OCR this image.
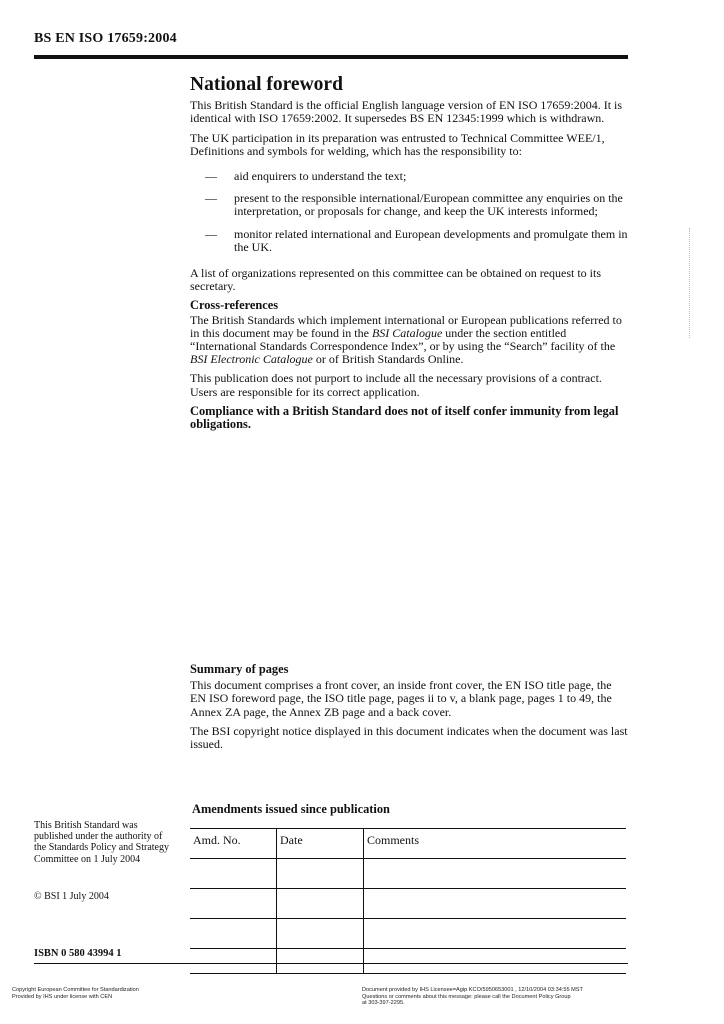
BS EN ISO 17659:2004
National foreword

This British Standard is the official English language version of EN ISO 17659:2004. It is identical with ISO 17659:2002. It supersedes BS EN 12345:1999 which is withdrawn.

The UK participation in its preparation was entrusted to Technical Committee WEE/1, Definitions and symbols for welding, which has the responsibility to:

— aid enquirers to understand the text;
— present to the responsible international/European committee any enquiries on the interpretation, or proposals for change, and keep the UK interests informed;
— monitor related international and European developments and promulgate them in the UK.

A list of organizations represented on this committee can be obtained on request to its secretary.

Cross-references

The British Standards which implement international or European publications referred to in this document may be found in the BSI Catalogue under the section entitled “International Standards Correspondence Index”, or by using the “Search” facility of the BSI Electronic Catalogue or of British Standards Online.

This publication does not purport to include all the necessary provisions of a contract. Users are responsible for its correct application.

Compliance with a British Standard does not of itself confer immunity from legal obligations.

Summary of pages

This document comprises a front cover, an inside front cover, the EN ISO title page, the EN ISO foreword page, the ISO title page, pages ii to v, a blank page, pages 1 to 49, the Annex ZA page, the Annex ZB page and a back cover.

The BSI copyright notice displayed in this document indicates when the document was last issued.

Amendments issued since publication
Amd. No.	Date	Comments

This British Standard was published under the authority of the Standards Policy and Strategy Committee on 1 July 2004
© BSI 1 July 2004
ISBN 0 580 43994 1
Copyright European Committee for Standardization
Provided by IHS under license with CEN
Document provided by IHS Licensee=Agip KCO/5950653001 , 12/10/2004 03:34:55 MST
Questions or comments about this message: please call the Document Policy Group
at 303-397-2295.
